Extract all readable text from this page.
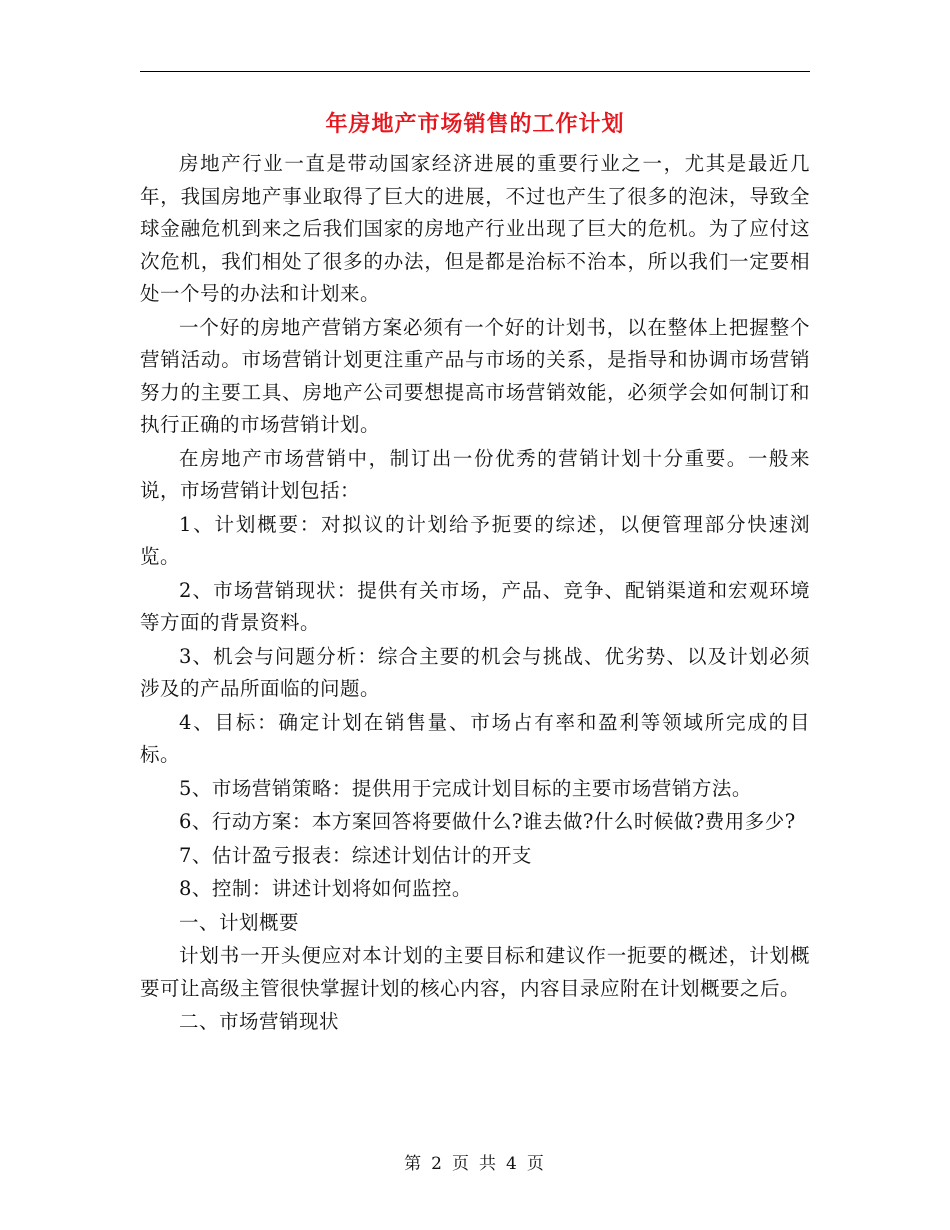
年房地产市场销售的工作计划

房地产行业一直是带动国家经济进展的重要行业之一，尤其是最近几年，我国房地产事业取得了巨大的进展，不过也产生了很多的泡沫，导致全球金融危机到来之后我们国家的房地产行业出现了巨大的危机。为了应付这次危机，我们相处了很多的办法，但是都是治标不治本，所以我们一定要相处一个号的办法和计划来。

一个好的房地产营销方案必须有一个好的计划书，以在整体上把握整个营销活动。市场营销计划更注重产品与市场的关系，是指导和协调市场营销努力的主要工具、房地产公司要想提高市场营销效能，必须学会如何制订和执行正确的市场营销计划。

在房地产市场营销中，制订出一份优秀的营销计划十分重要。一般来说，市场营销计划包括：

1、计划概要：对拟议的计划给予扼要的综述，以便管理部分快速浏览。

2、市场营销现状：提供有关市场，产品、竞争、配销渠道和宏观环境等方面的背景资料。

3、机会与问题分析：综合主要的机会与挑战、优劣势、以及计划必须涉及的产品所面临的问题。

4、目标：确定计划在销售量、市场占有率和盈利等领域所完成的目标。

5、市场营销策略：提供用于完成计划目标的主要市场营销方法。

6、行动方案：本方案回答将要做什么?谁去做?什么时候做?费用多少?

7、估计盈亏报表：综述计划估计的开支

8、控制：讲述计划将如何监控。

一、计划概要

计划书一开头便应对本计划的主要目标和建议作一扼要的概述，计划概要可让高级主管很快掌握计划的核心内容，内容目录应附在计划概要之后。

二、市场营销现状

第 2 页 共 4 页
